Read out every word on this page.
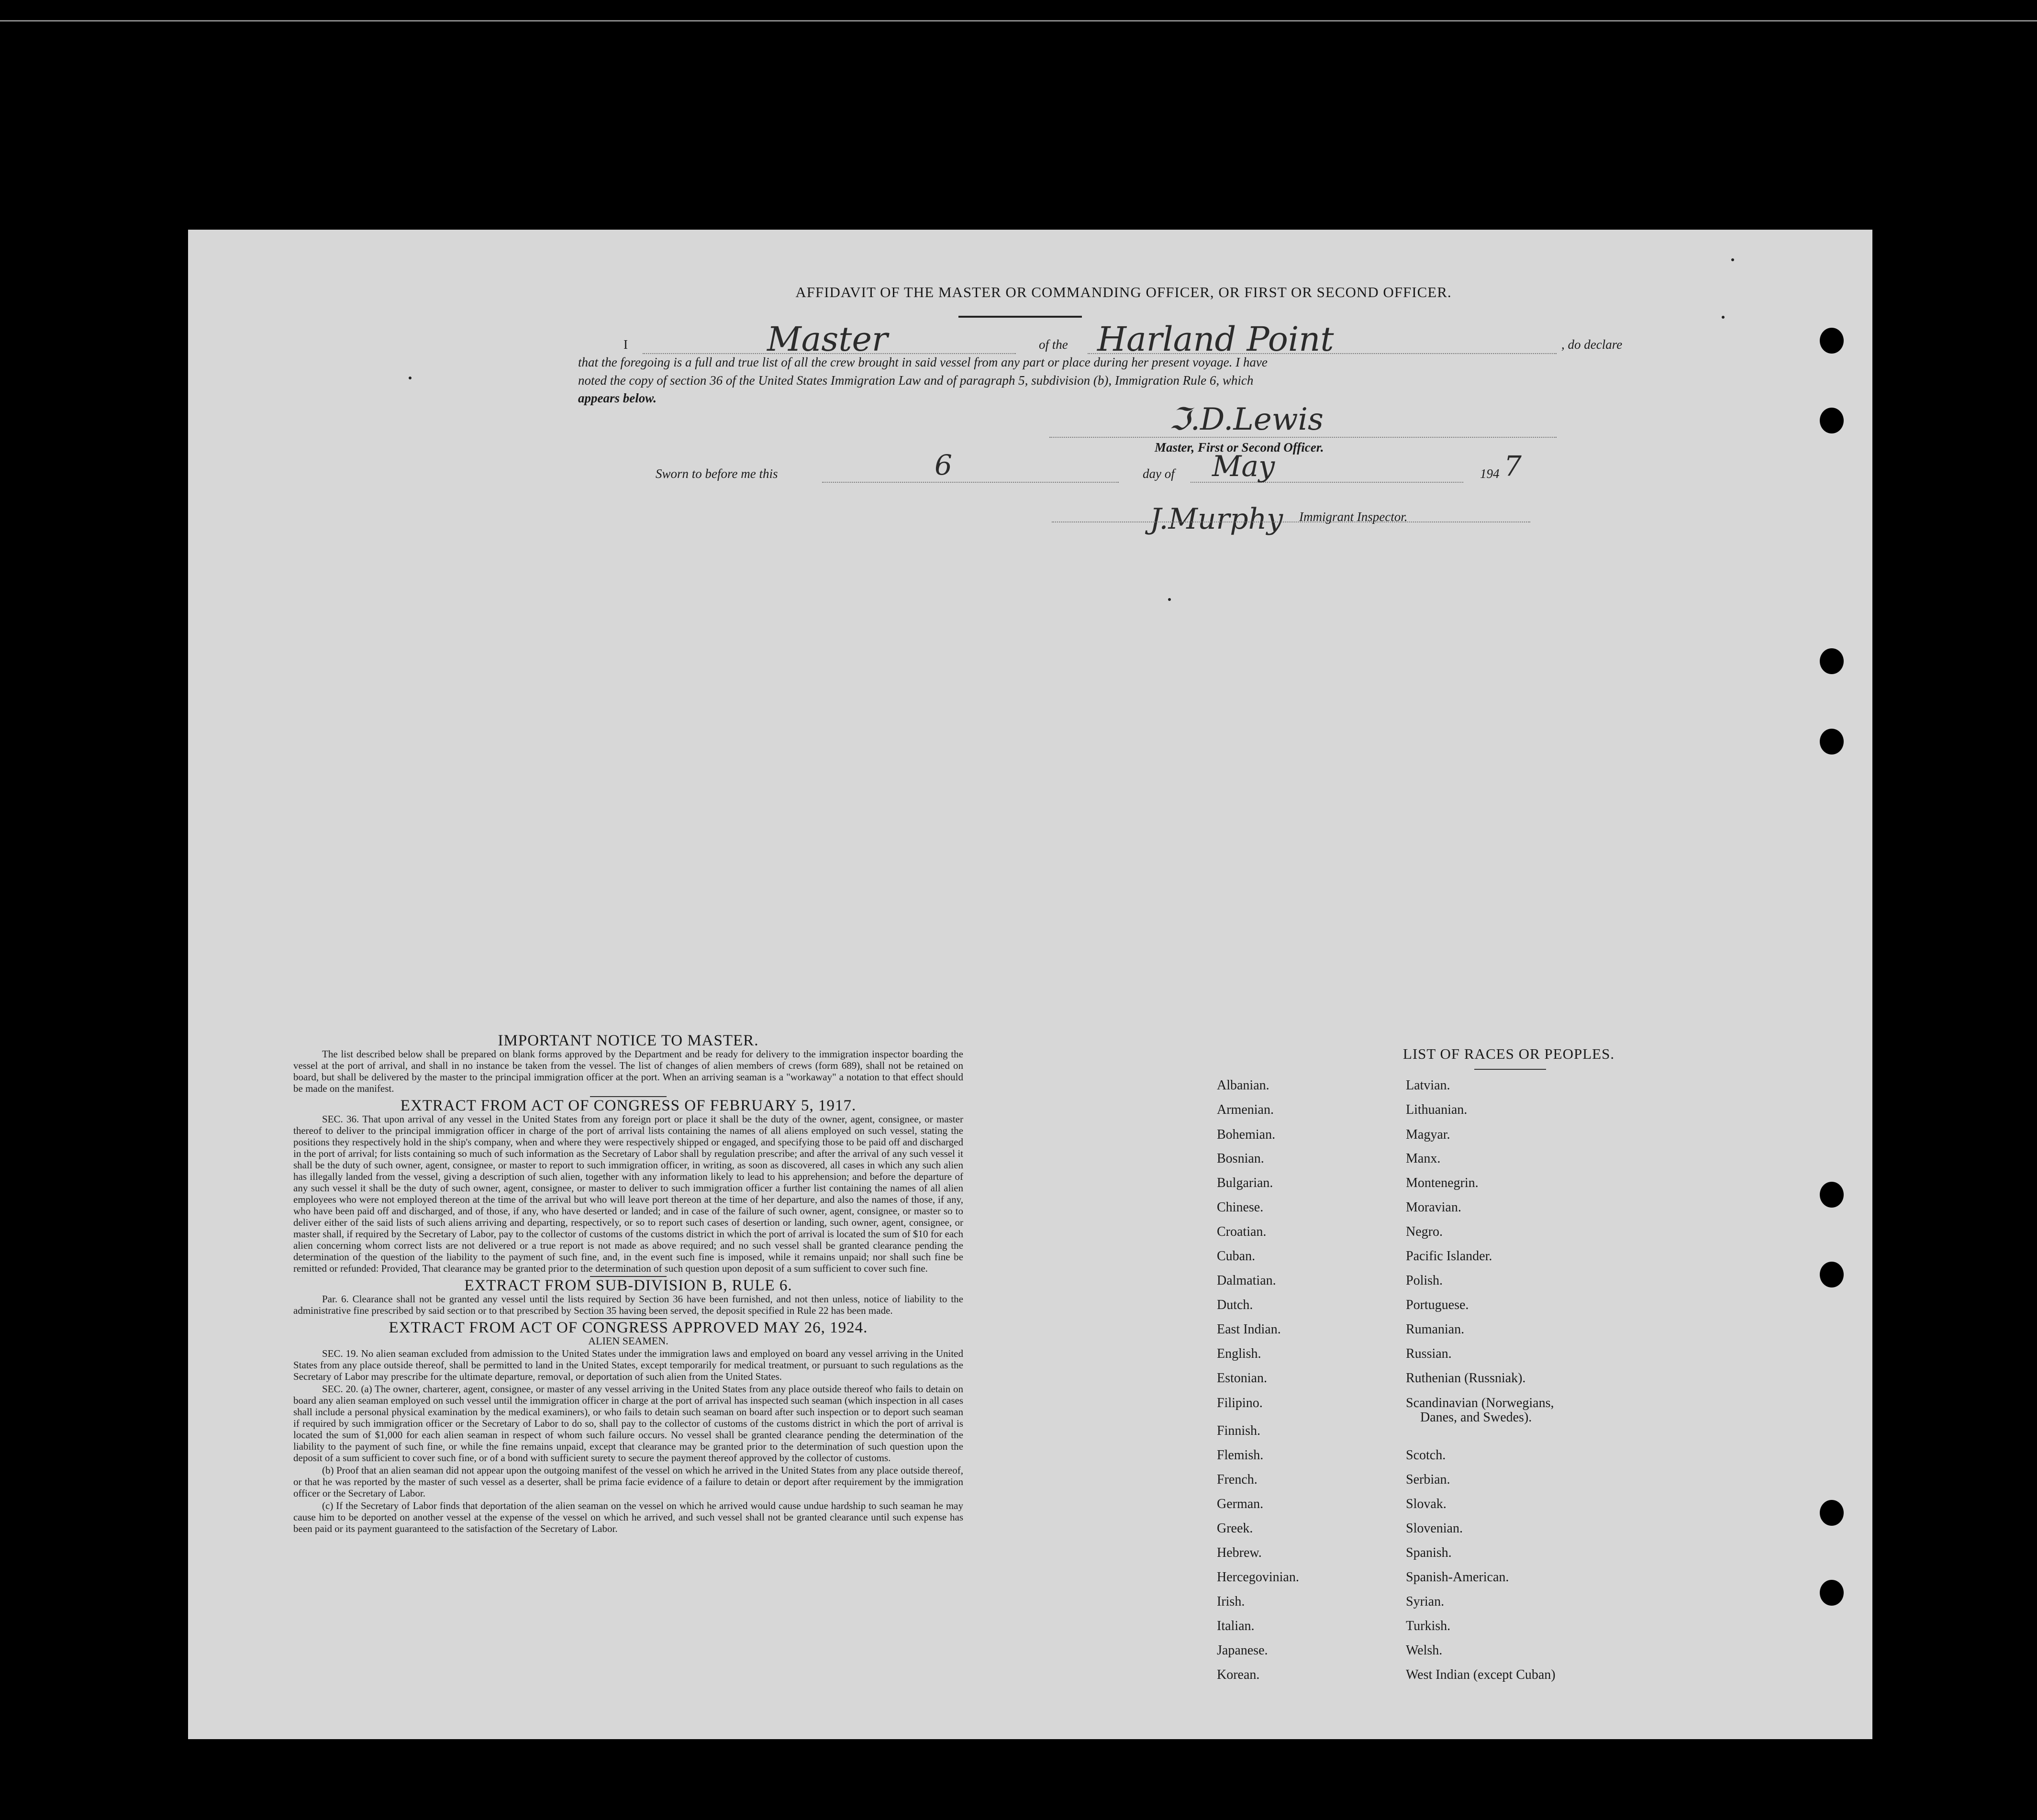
AFFIDAVIT OF THE MASTER OR COMMANDING OFFICER, OR FIRST OR SECOND OFFICER.
I	Master	of the Harland Point	, do declare
that the foregoing is a full and true list of all the crew brought in said vessel from any part or place during her present voyage. I have
noted the copy of section 36 of the United States Immigration Law and of paragraph 5, subdivision (b), Immigration Rule 6, which
appears below.
ℑ.D.Lewis
Master, First or Second Officer.
Sworn to before me this	6	day of May	194 7
J.Murphy Immigrant Inspector.
IMPORTANT NOTICE TO MASTER.

The list described below shall be prepared on blank forms approved by the Department and be ready for delivery to the immigration inspector boarding the vessel at the port of arrival, and shall in no instance be taken from the vessel. The list of changes of alien members of crews (form 689), shall not be retained on board, but shall be delivered by the master to the principal immigration officer at the port. When an arriving seaman is a "workaway" a notation to that effect should be made on the manifest.

EXTRACT FROM ACT OF CONGRESS OF FEBRUARY 5, 1917.

SEC. 36. That upon arrival of any vessel in the United States from any foreign port or place it shall be the duty of the owner, agent, consignee, or master thereof to deliver to the principal immigration officer in charge of the port of arrival lists containing the names of all aliens employed on such vessel, stating the positions they respectively hold in the ship's company, when and where they were respectively shipped or engaged, and specifying those to be paid off and discharged in the port of arrival; for lists containing so much of such information as the Secretary of Labor shall by regulation prescribe; and after the arrival of any such vessel it shall be the duty of such owner, agent, consignee, or master to report to such immigration officer, in writing, as soon as discovered, all cases in which any such alien has illegally landed from the vessel, giving a description of such alien, together with any information likely to lead to his apprehension; and before the departure of any such vessel it shall be the duty of such owner, agent, consignee, or master to deliver to such immigration officer a further list containing the names of all alien employees who were not employed thereon at the time of the arrival but who will leave port thereon at the time of her departure, and also the names of those, if any, who have been paid off and discharged, and of those, if any, who have deserted or landed; and in case of the failure of such owner, agent, consignee, or master so to deliver either of the said lists of such aliens arriving and departing, respectively, or so to report such cases of desertion or landing, such owner, agent, consignee, or master shall, if required by the Secretary of Labor, pay to the collector of customs of the customs district in which the port of arrival is located the sum of $10 for each alien concerning whom correct lists are not delivered or a true report is not made as above required; and no such vessel shall be granted clearance pending the determination of the question of the liability to the payment of such fine, and, in the event such fine is imposed, while it remains unpaid; nor shall such fine be remitted or refunded: Provided, That clearance may be granted prior to the determination of such question upon deposit of a sum sufficient to cover such fine.

EXTRACT FROM SUB-DIVISION B, RULE 6.

Par. 6. Clearance shall not be granted any vessel until the lists required by Section 36 have been furnished, and not then unless, notice of liability to the administrative fine prescribed by said section or to that prescribed by Section 35 having been served, the deposit specified in Rule 22 has been made.

EXTRACT FROM ACT OF CONGRESS APPROVED MAY 26, 1924.
ALIEN SEAMEN.

SEC. 19. No alien seaman excluded from admission to the United States under the immigration laws and employed on board any vessel arriving in the United States from any place outside thereof, shall be permitted to land in the United States, except temporarily for medical treatment, or pursuant to such regulations as the Secretary of Labor may prescribe for the ultimate departure, removal, or deportation of such alien from the United States.

SEC. 20. (a) The owner, charterer, agent, consignee, or master of any vessel arriving in the United States from any place outside thereof who fails to detain on board any alien seaman employed on such vessel until the immigration officer in charge at the port of arrival has inspected such seaman (which inspection in all cases shall include a personal physical examination by the medical examiners), or who fails to detain such seaman on board after such inspection or to deport such seaman if required by such immigration officer or the Secretary of Labor to do so, shall pay to the collector of customs of the customs district in which the port of arrival is located the sum of $1,000 for each alien seaman in respect of whom such failure occurs. No vessel shall be granted clearance pending the determination of the liability to the payment of such fine, or while the fine remains unpaid, except that clearance may be granted prior to the determination of such question upon the deposit of a sum sufficient to cover such fine, or of a bond with sufficient surety to secure the payment thereof approved by the collector of customs.

(b) Proof that an alien seaman did not appear upon the outgoing manifest of the vessel on which he arrived in the United States from any place outside thereof, or that he was reported by the master of such vessel as a deserter, shall be prima facie evidence of a failure to detain or deport after requirement by the immigration officer or the Secretary of Labor.

(c) If the Secretary of Labor finds that deportation of the alien seaman on the vessel on which he arrived would cause undue hardship to such seaman he may cause him to be deported on another vessel at the expense of the vessel on which he arrived, and such vessel shall not be granted clearance until such expense has been paid or its payment guaranteed to the satisfaction of the Secretary of Labor.

LIST OF RACES OR PEOPLES.
Albanian.
Armenian.
Bohemian.
Bosnian.
Bulgarian.
Chinese.
Croatian.
Cuban.
Dalmatian.
Dutch.
East Indian.
English.
Estonian.
Filipino.
Finnish.
Flemish.
French.
German.
Greek.
Hebrew.
Hercegovinian.
Irish.
Italian.
Japanese.
Korean.
Latvian.
Lithuanian.
Magyar.
Manx.
Montenegrin.
Moravian.
Negro.
Pacific Islander.
Polish.
Portuguese.
Rumanian.
Russian.
Ruthenian (Russniak).
Scandinavian (Norwegians,
Danes, and Swedes).
Scotch.
Serbian.
Slovak.
Slovenian.
Spanish.
Spanish-American.
Syrian.
Turkish.
Welsh.
West Indian (except Cuban)
